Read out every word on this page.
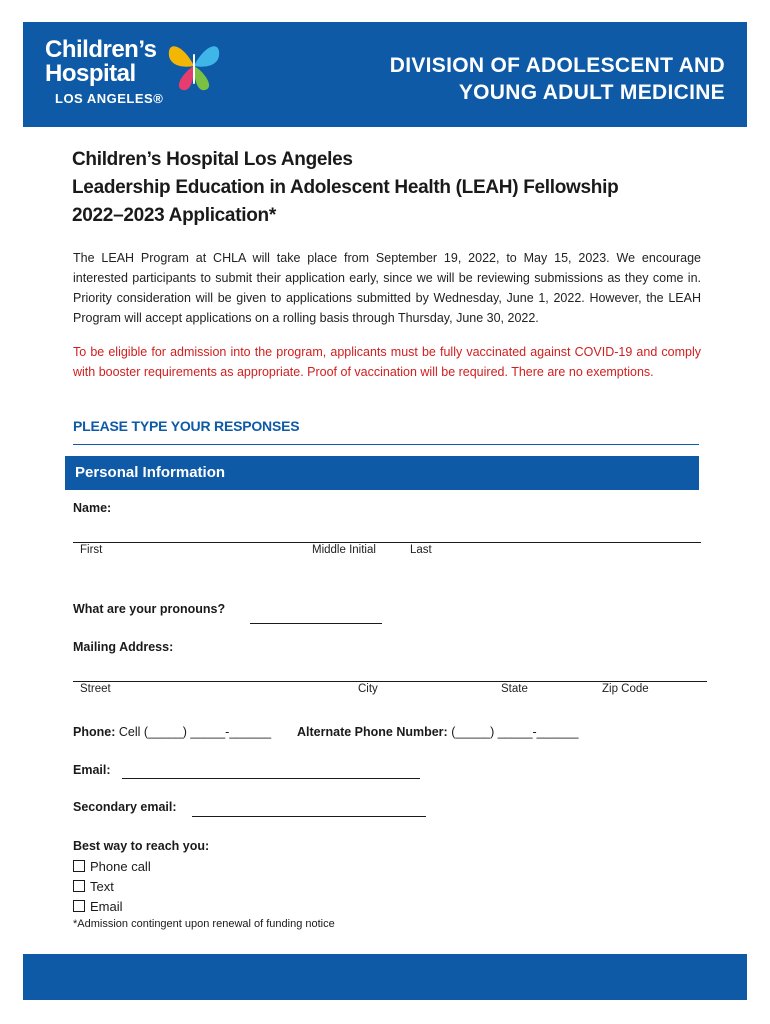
Children’s
Hospital
LOS ANGELES®
DIVISION OF ADOLESCENT AND
YOUNG ADULT MEDICINE
Children’s Hospital Los Angeles
Leadership Education in Adolescent Health (LEAH) Fellowship
2022–2023 Application*
The LEAH Program at CHLA will take place from September 19, 2022, to May 15, 2023. We encourage interested participants to submit their application early, since we will be reviewing submissions as they come in. Priority consideration will be given to applications submitted by Wednesday, June 1, 2022. However, the LEAH Program will accept applications on a rolling basis through Thursday, June 30, 2022.
To be eligible for admission into the program, applicants must be fully vaccinated against COVID-19 and comply with booster requirements as appropriate. Proof of vaccination will be required. There are no exemptions.
PLEASE TYPE YOUR RESPONSES
Personal Information
Name:
First	Middle Initial	Last
What are your pronouns?
Mailing Address:
Street	City	State	Zip Code
Phone: Cell (_____) _____-______ Alternate Phone Number: (_____) _____-______
Email:
Secondary email:
Best way to reach you:
Phone call
Text
Email
*Admission contingent upon renewal of funding notice
